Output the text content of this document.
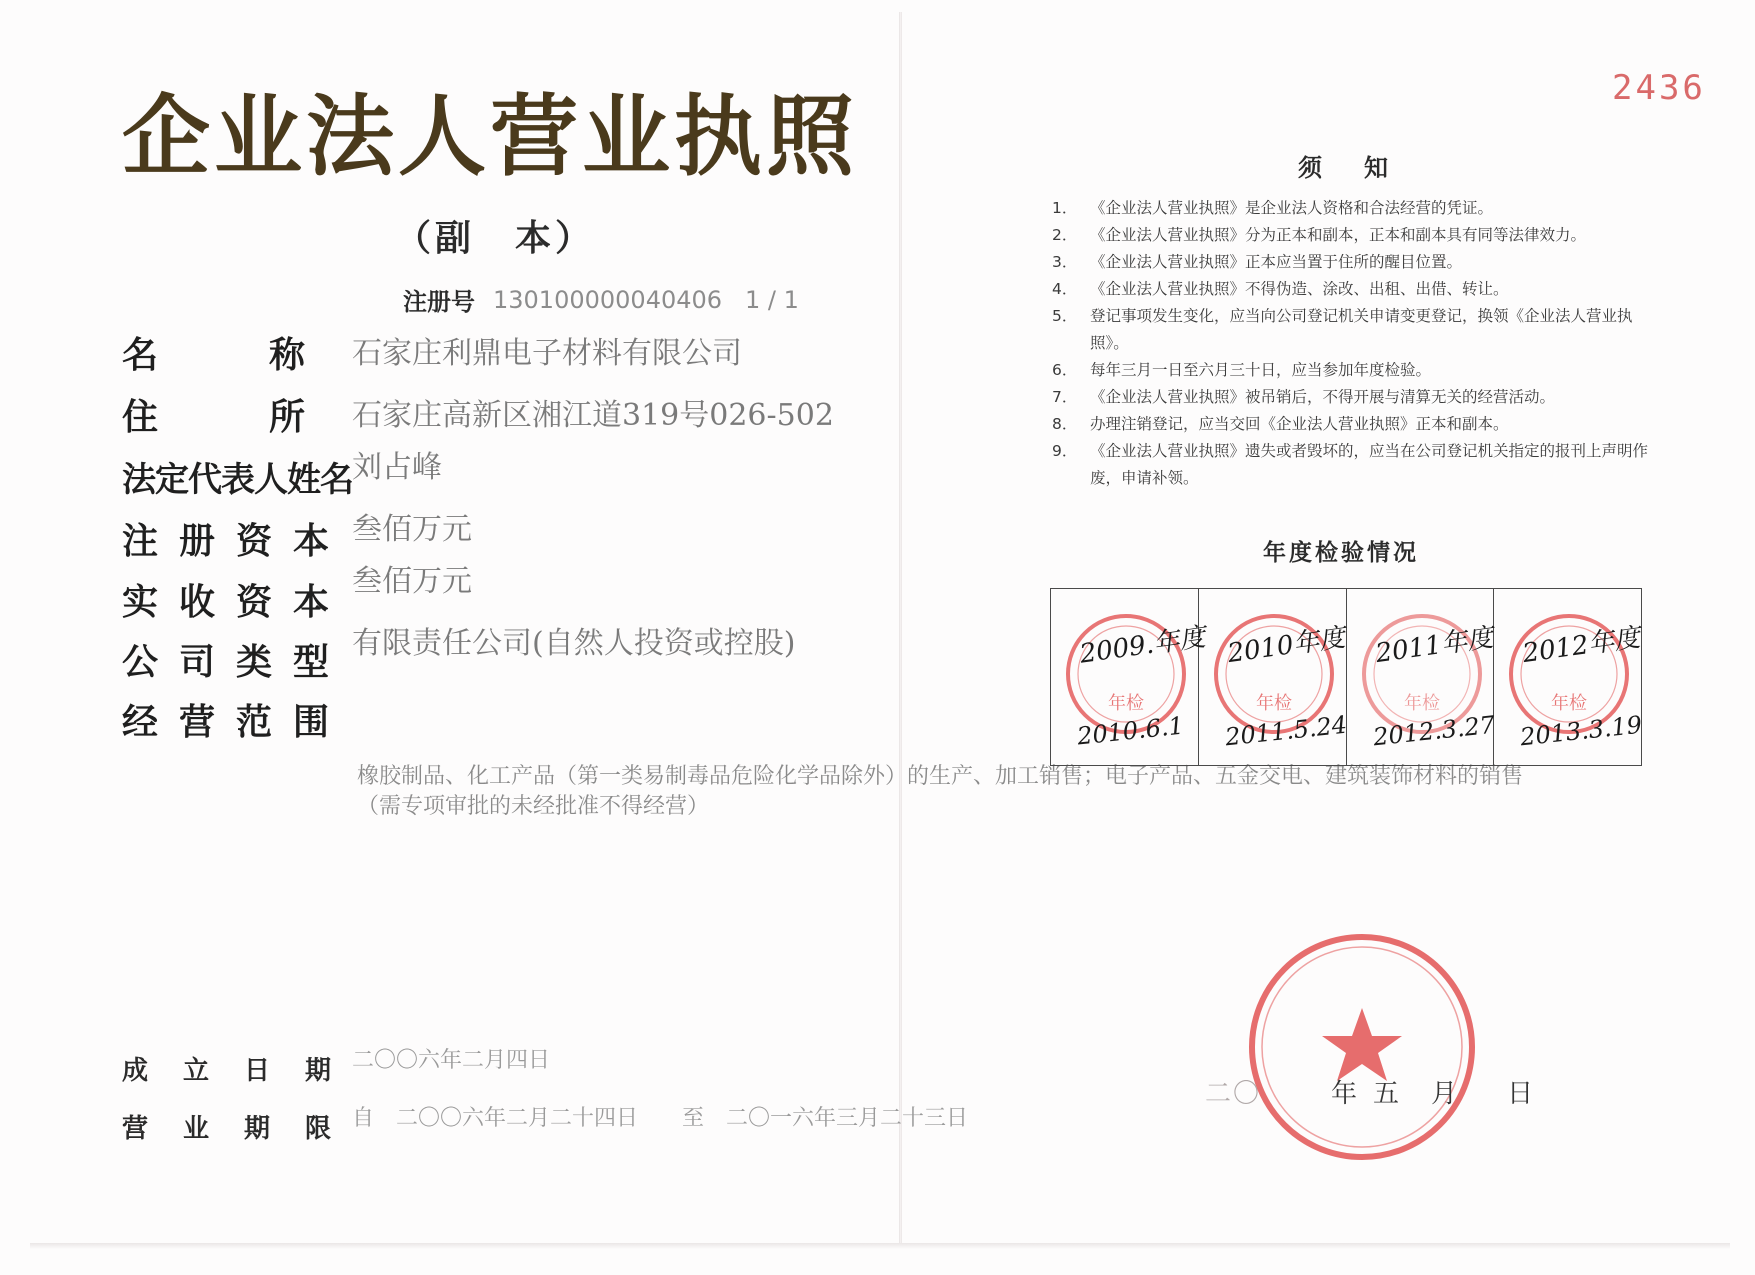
企业法人营业执照
（副　本）
注册号 130100000040406 1 / 1
名称
石家庄利鼎电子材料有限公司
住所
石家庄高新区湘江道319号026-502
法定代表人姓名 刘占峰
注册资本 叁佰万元
实收资本
叁佰万元
公司类型 有限责任公司(自然人投资或控股)
经营范围
橡胶制品、化工产品（第一类易制毒品危险化学品除外）的生产、加工销售；电子产品、五金交电、建筑装饰材料的销售（需专项审批的未经批准不得经营）
成立日期
二〇〇六年二月四日
营业期限
自　二〇〇六年二月二十四日　　至　二〇一六年三月二十三日
2436
须知
1． 《企业法人营业执照》是企业法人资格和合法经营的凭证。
2． 《企业法人营业执照》分为正本和副本，正本和副本具有同等法律效力。
3． 《企业法人营业执照》正本应当置于住所的醒目位置。
4． 《企业法人营业执照》不得伪造、涂改、出租、出借、转让。
5． 登记事项发生变化，应当向公司登记机关申请变更登记，换领《企业法人营业执照》。
6． 每年三月一日至六月三十日，应当参加年度检验。
7． 《企业法人营业执照》被吊销后，不得开展与清算无关的经营活动。
8． 办理注销登记，应当交回《企业法人营业执照》正本和副本。
9． 《企业法人营业执照》遗失或者毁坏的，应当在公司登记机关指定的报刊上声明作废，申请补领。
年度检验情况
年检
2009.年度
2010.6.1
年检
2010年度
2011.5.24
年检
2011年度
2012.3.27
年检
2012年度
2013.3.19
二〇	年 五 月 日
